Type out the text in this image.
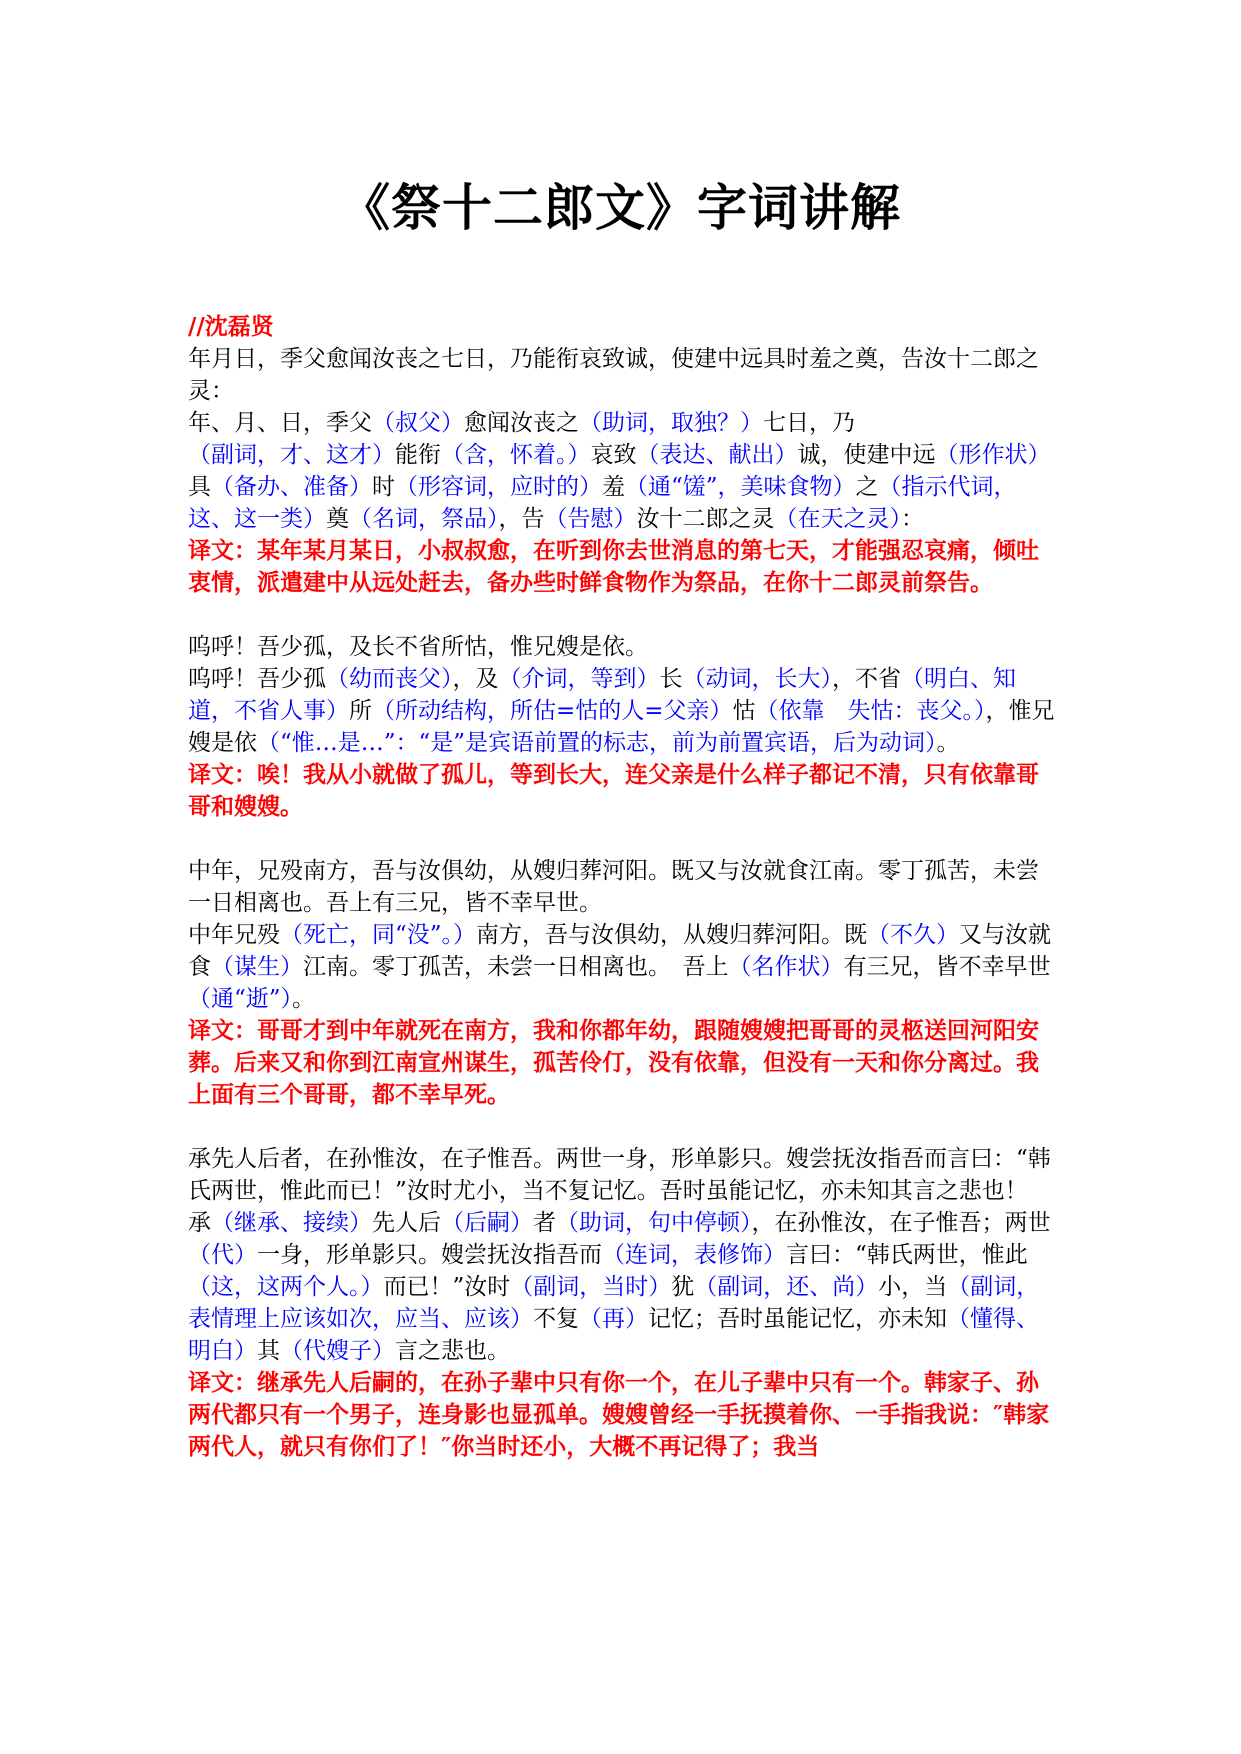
《祭十二郎文》字词讲解
//沈磊贤

年月日，季父愈闻汝丧之七日，乃能衔哀致诚，使建中远具时羞之奠，告汝十二郎之灵：

年、月、日，季父（叔父）愈闻汝丧之（助词，取独？）七日，乃（副词，才、这才）能衔（含，怀着。）哀致（表达、献出）诚，使建中远（形作状）具（备办、准备）时（形容词，应时的）羞（通“馐”，美味食物）之（指示代词，这、这一类）奠（名词，祭品），告（告慰）汝十二郎之灵（在天之灵）：

译文：某年某月某日，小叔叔愈，在听到你去世消息的第七天，才能强忍哀痛，倾吐衷情，派遣建中从远处赶去，备办些时鲜食物作为祭品，在你十二郎灵前祭告。

呜呼！吾少孤，及长不省所怙，惟兄嫂是依。

呜呼！吾少孤（幼而丧父），及（介词，等到）长（动词，长大），不省（明白、知道，不省人事）所（所动结构，所估=怙的人=父亲）怙（依靠　失怙：丧父。），惟兄嫂是依（“惟…是…”：“是”是宾语前置的标志，前为前置宾语，后为动词）。

译文：唉！我从小就做了孤儿，等到长大，连父亲是什么样子都记不清，只有依靠哥哥和嫂嫂。

中年，兄殁南方，吾与汝俱幼，从嫂归葬河阳。既又与汝就食江南。零丁孤苦，未尝一日相离也。吾上有三兄，皆不幸早世。

中年兄殁（死亡，同“没”。）南方，吾与汝俱幼，从嫂归葬河阳。既（不久）又与汝就食（谋生）江南。零丁孤苦，未尝一日相离也。　吾上（名作状）有三兄，皆不幸早世（通“逝”）。

译文：哥哥才到中年就死在南方，我和你都年幼，跟随嫂嫂把哥哥的灵柩送回河阳安葬。后来又和你到江南宣州谋生，孤苦伶仃，没有依靠，但没有一天和你分离过。我上面有三个哥哥，都不幸早死。

承先人后者，在孙惟汝，在子惟吾。两世一身，形单影只。嫂尝抚汝指吾而言曰：“韩氏两世，惟此而已！”汝时尤小，当不复记忆。吾时虽能记忆，亦未知其言之悲也！

承（继承、接续）先人后（后嗣）者（助词，句中停顿），在孙惟汝，在子惟吾；两世（代）一身，形单影只。嫂尝抚汝指吾而（连词，表修饰）言曰：“韩氏两世，惟此（这，这两个人。）而已！”汝时（副词，当时）犹（副词，还、尚）小，当（副词，表情理上应该如次，应当、应该）不复（再）记忆；吾时虽能记忆，亦未知（懂得、明白）其（代嫂子）言之悲也。

译文：继承先人后嗣的，在孙子辈中只有你一个，在儿子辈中只有一个。韩家子、孙两代都只有一个男子，连身影也显孤单。嫂嫂曾经一手抚摸着你、一手指我说：″韩家两代人，就只有你们了！″你当时还小，大概不再记得了；我当
